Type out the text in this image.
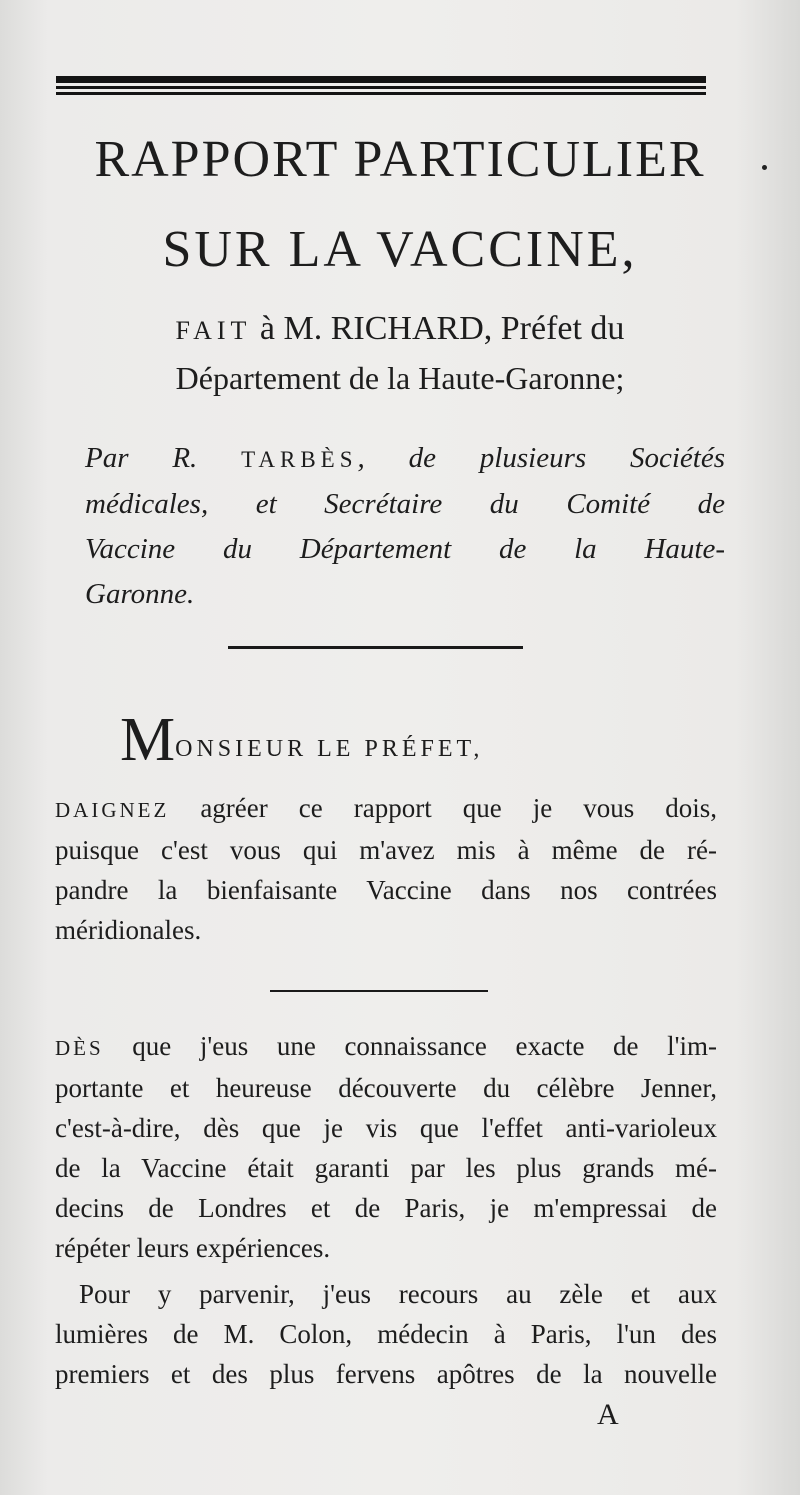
RAPPORT PARTICULIER
SUR LA VACCINE,
FAIT à M. RICHARD, Préfet du
Département de la Haute-Garonne;
Par R. TARBÈS, de plusieurs Sociétés
médicales, et Secrétaire du Comité de
Vaccine du Département de la Haute-
Garonne.
MONSIEUR LE PRÉFET,
DAIGNEZ agréer ce rapport que je vous dois,
puisque c'est vous qui m'avez mis à même de ré-
pandre la bienfaisante Vaccine dans nos contrées
méridionales.
DÈS que j'eus une connaissance exacte de l'im-
portante et heureuse découverte du célèbre Jenner,
c'est-à-dire, dès que je vis que l'effet anti-varioleux
de la Vaccine était garanti par les plus grands mé-
decins de Londres et de Paris, je m'empressai de
répéter leurs expériences.
Pour y parvenir, j'eus recours au zèle et aux
lumières de M. Colon, médecin à Paris, l'un des
premiers et des plus fervens apôtres de la nouvelle
A
